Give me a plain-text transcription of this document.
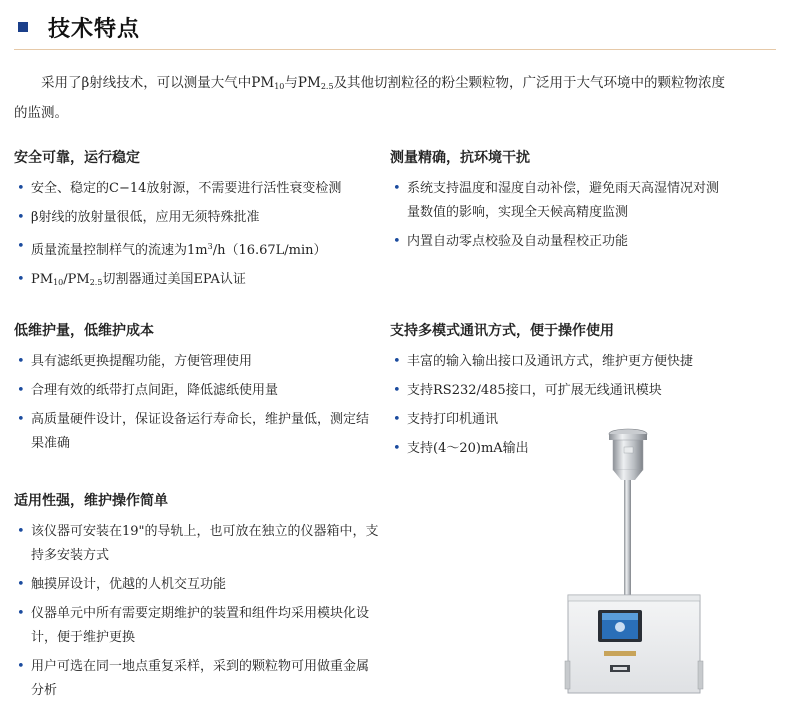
技术特点

采用了β射线技术，可以测量大气中$PM_{10}$与$PM_{2.5}$及其他切割粒径的粉尘颗粒物，广泛用于大气环境中的颗粒物浓度的监测。

安全可靠，运行稳定
• 安全、稳定的C−14放射源，不需要进行活性衰变检测
• β射线的放射量很低，应用无须特殊批准
• 质量流量控制样气的流速为$1m^3/h(16.67L/\min)$
• $PM_{10}/PM_{2.5}$切割器通过美国EPA认证
测量精确，抗环境干扰
• 系统支持温度和湿度自动补偿，避免雨天高湿情况对测量数值的影响，实现全天候高精度监测
• 内置自动零点校验及自动量程校正功能
低维护量，低维护成本
• 具有滤纸更换提醒功能，方便管理使用
• 合理有效的纸带打点间距，降低滤纸使用量
• 高质量硬件设计，保证设备运行寿命长，维护量低，测定结果准确
支持多模式通讯方式，便于操作使用
• 丰富的输入输出接口及通讯方式，维护更方便快捷
• 支持RS232/485接口，可扩展无线通讯模块
• 支持打印机通讯
• 支持(4～20)mA输出
适用性强，维护操作简单
• 该仪器可安装在19"的导轨上，也可放在独立的仪器箱中，支持多安装方式
• 触摸屏设计，优越的人机交互功能
• 仪器单元中所有需要定期维护的装置和组件均采用模块化设计，便于维护更换
• 用户可选在同一地点重复采样，采到的颗粒物可用做重金属分析
